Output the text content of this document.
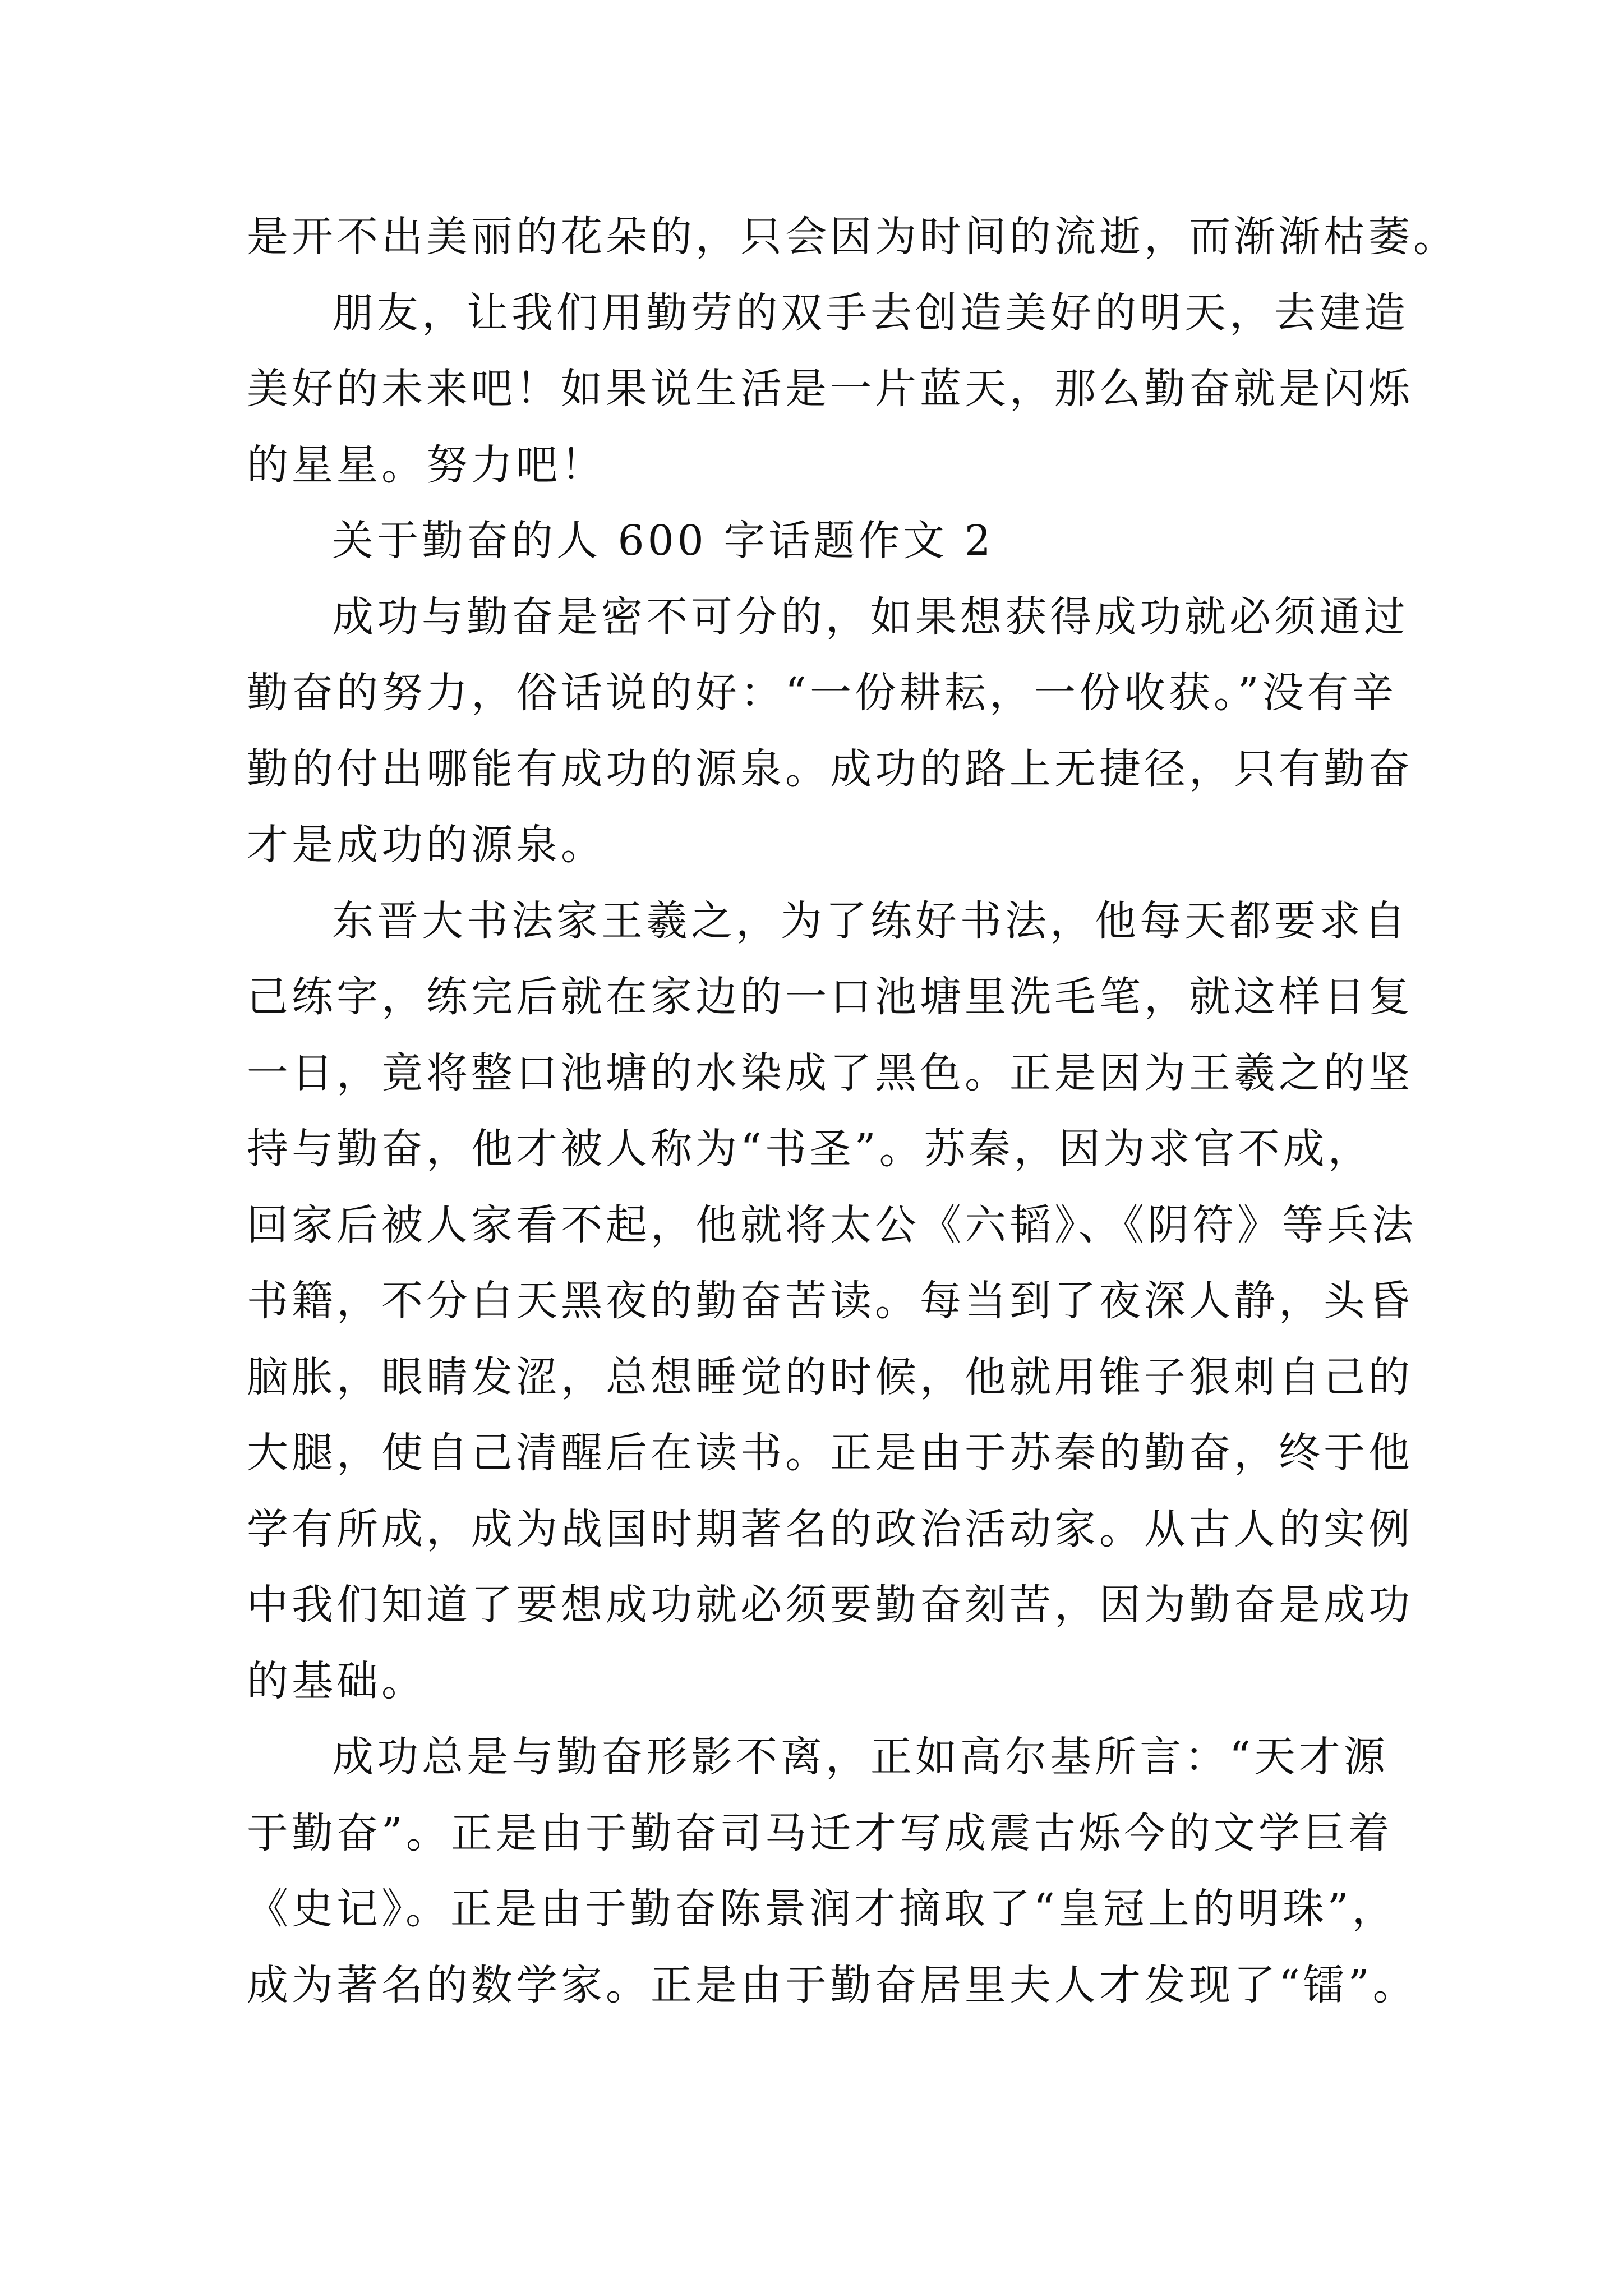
是开不出美丽的花朵的，只会因为时间的流逝，而渐渐枯萎。
朋友，让我们用勤劳的双手去创造美好的明天，去建造
美好的未来吧！如果说生活是一片蓝天，那么勤奋就是闪烁
的星星。努力吧！
关于勤奋的人 600 字话题作文 2
成功与勤奋是密不可分的，如果想获得成功就必须通过
勤奋的努力，俗话说的好：“一份耕耘，一份收获。”没有辛
勤的付出哪能有成功的源泉。成功的路上无捷径，只有勤奋
才是成功的源泉。
东晋大书法家王羲之，为了练好书法，他每天都要求自
己练字，练完后就在家边的一口池塘里洗毛笔，就这样日复
一日，竟将整口池塘的水染成了黑色。正是因为王羲之的坚
持与勤奋，他才被人称为“书圣”。苏秦，因为求官不成，
回家后被人家看不起，他就将太公《六韬》、《阴符》等兵法
书籍，不分白天黑夜的勤奋苦读。每当到了夜深人静，头昏
脑胀，眼睛发涩，总想睡觉的时候，他就用锥子狠刺自己的
大腿，使自己清醒后在读书。正是由于苏秦的勤奋，终于他
学有所成，成为战国时期著名的政治活动家。从古人的实例
中我们知道了要想成功就必须要勤奋刻苦，因为勤奋是成功
的基础。
成功总是与勤奋形影不离，正如高尔基所言：“天才源
于勤奋”。正是由于勤奋司马迁才写成震古烁今的文学巨着
《史记》。正是由于勤奋陈景润才摘取了“皇冠上的明珠”，
成为著名的数学家。正是由于勤奋居里夫人才发现了“镭”。
